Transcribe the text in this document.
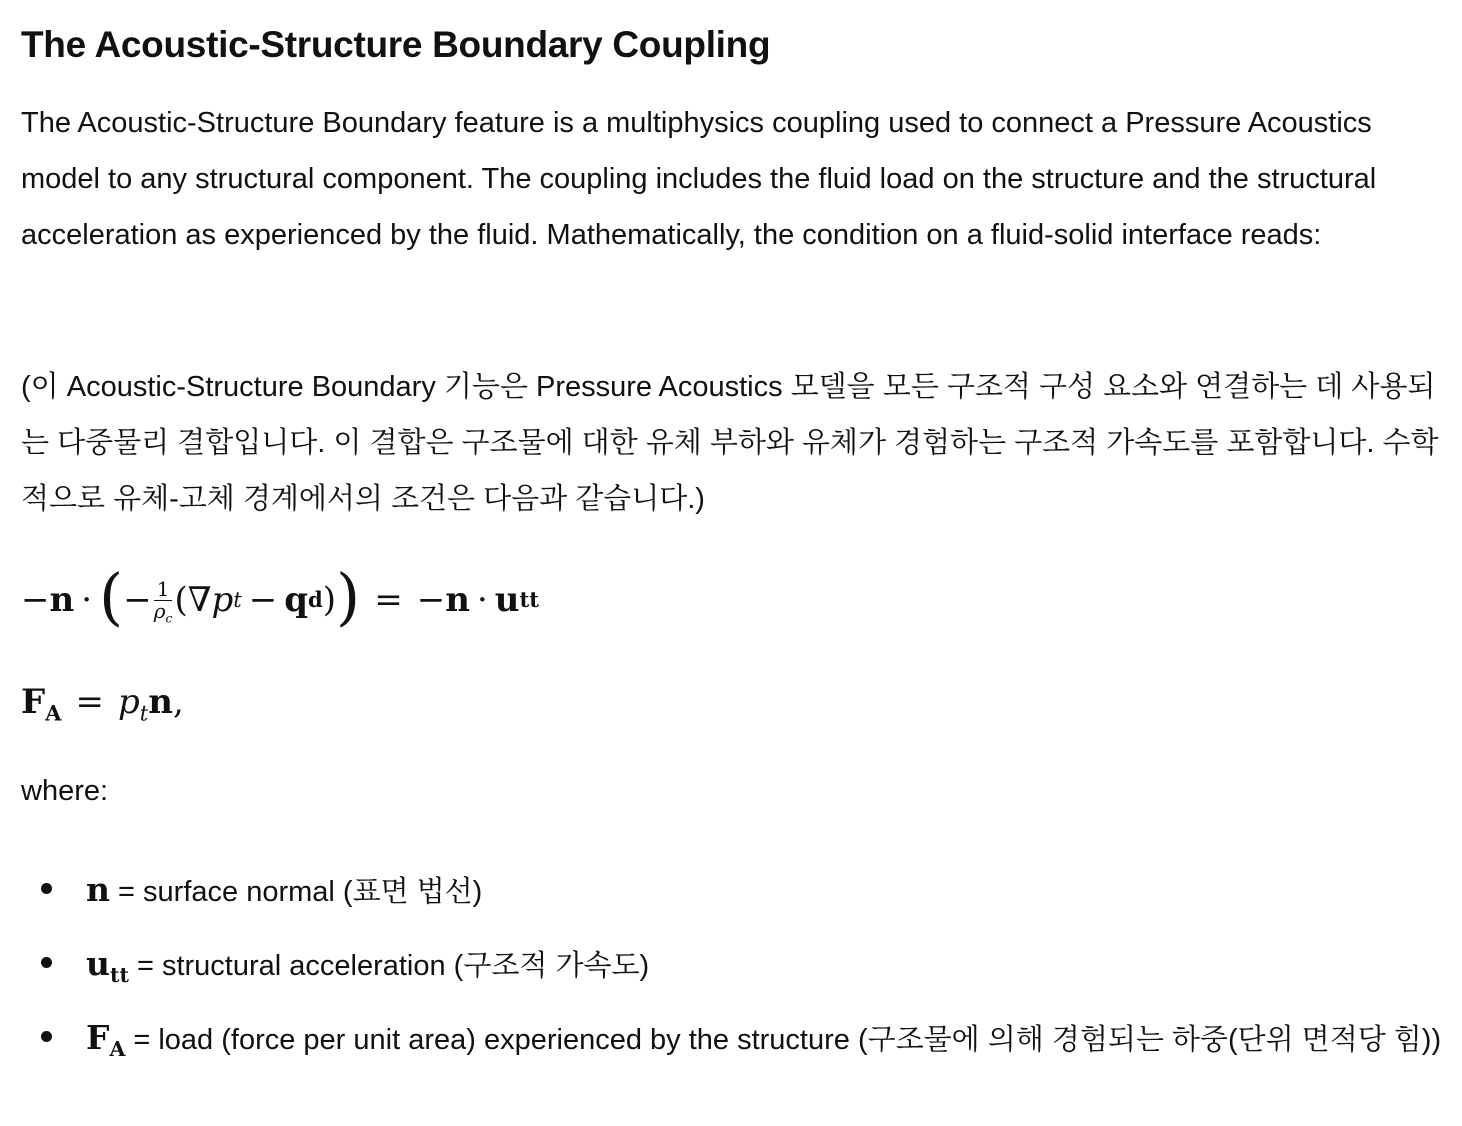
The Acoustic-Structure Boundary Coupling

The Acoustic-Structure Boundary feature is a multiphysics coupling used to connect a Pressure Acoustics model to any structural component. The coupling includes the fluid load on the structure and the structural acceleration as experienced by the fluid. Mathematically, the condition on a fluid-solid interface reads:

(이 Acoustic-Structure Boundary 기능은 Pressure Acoustics 모델을 모든 구조적 구성 요소와 연결하는 데 사용되는 다중물리 결합입니다. 이 결합은 구조물에 대한 유체 부하와 유체가 경험하는 구조적 가속도를 포함합니다. 수학적으로 유체-고체 경계에서의 조건은 다음과 같습니다.)

− n · ( − $\frac{1}{\rho_c}$ (∇ p t − q d ) ) = − n · u tt
$F_A = p_tn$,

where:

n = surface normal (표면 법선)
$u_{tt}$ = structural acceleration (구조적 가속도)
$F_A$ = load (force per unit area) experienced by the structure (구조물에 의해 경험되는 하중(단위 면적당 힘))
